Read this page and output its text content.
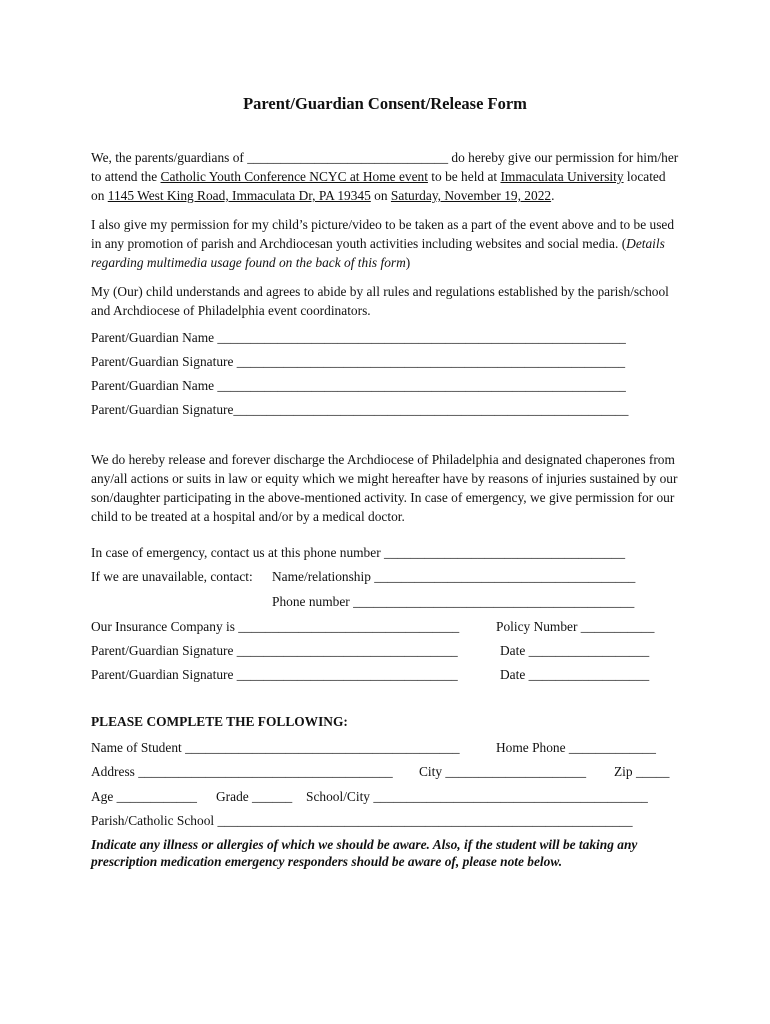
Parent/Guardian Consent/Release Form

We, the parents/guardians of ______________________________ do hereby give our permission for him/her to attend the Catholic Youth Conference NCYC at Home event to be held at Immaculata University located on 1145 West King Road, Immaculata Dr, PA 19345 on Saturday, November 19, 2022.

I also give my permission for my child’s picture/video to be taken as a part of the event above and to be used in any promotion of parish and Archdiocesan youth activities including websites and social media. (Details regarding multimedia usage found on the back of this form)

My (Our) child understands and agrees to abide by all rules and regulations established by the parish/school and Archdiocese of Philadelphia event coordinators.

Parent/Guardian Name _____________________________________________________________
Parent/Guardian Signature __________________________________________________________
Parent/Guardian Name _____________________________________________________________
Parent/Guardian Signature___________________________________________________________

We do hereby release and forever discharge the Archdiocese of Philadelphia and designated chaperones from any/all actions or suits in law or equity which we might hereafter have by reasons of injuries sustained by our son/daughter participating in the above-mentioned activity. In case of emergency, we give permission for our child to be treated at a hospital and/or by a medical doctor.

In case of emergency, contact us at this phone number ____________________________________
If we are unavailable, contact: Name/relationship _______________________________________
Phone number __________________________________________
Our Insurance Company is _________________________________	Policy Number ___________
Parent/Guardian Signature _________________________________	Date __________________
Parent/Guardian Signature _________________________________	Date __________________
PLEASE COMPLETE THE FOLLOWING:
Name of Student _________________________________________	Home Phone _____________
Address ______________________________________ City _____________________ Zip _____
Age ____________ Grade ______ School/City _________________________________________
Parish/Catholic School ______________________________________________________________

Indicate any illness or allergies of which we should be aware. Also, if the student will be taking any prescription medication emergency responders should be aware of, please note below.
